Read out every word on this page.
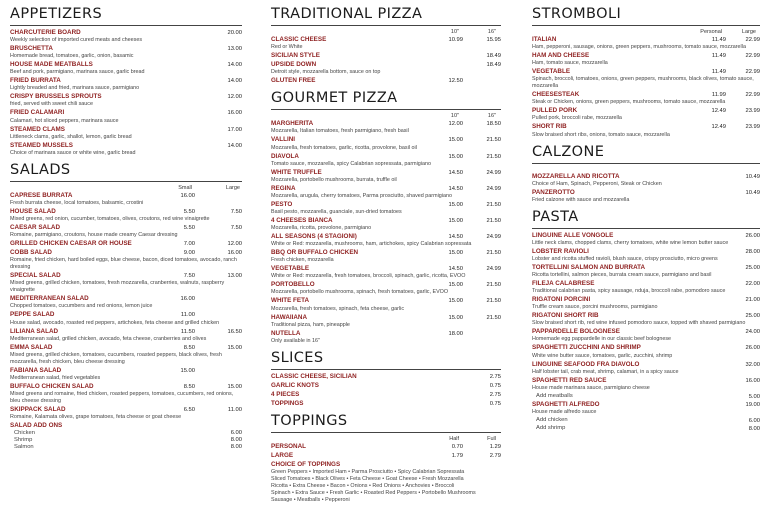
APPETIZERS
CHARCUTERIE BOARD	20.00
Weekly selection of imported cured meats and cheeses
BRUSCHETTA	13.00
Homemade bread, tomatoes, garlic, onion, basamic
HOUSE MADE MEATBALLS	14.00
Beef and pork, parmigiano, marinara sauce, garlic bread
FRIED BURRATA	14.00
Lightly breaded and fried, marinara sauce, parmigiano
CRISPY BRUSSELS SPROUTS	12.00
fried, served with sweet chili sauce
FRIED CALAMARI	16.00
Calamari, hot sliced peppers, marinara sauce
STEAMED CLAMS	17.00
Littleneck clams, garlic, shallot, lemon, garlic bread
STEAMED MUSSELS	14.00
Choice of marinara sauce or white wine, garlic bread
SALADS
Small	Large
CAPRESE BURRATA	16.00
Fresh burrata cheese, local tomatoes, balsamic, crostini
HOUSE SALAD	5.50	7.50
Mixed greens, red onion, cucumber, tomatoes, olives, croutons, red wine vinaigrette
CAESAR SALAD	5.50	7.50
Romaine, parmigiano, croutons, house made creamy Caesar dressing
GRILLED CHICKEN CAESAR OR HOUSE	7.00	12.00
COBB SALAD	9.00	16.00
Romaine, fried chicken, hard boiled eggs, blue cheese, bacon, diced tomatoes, avocado, ranch dressing
SPECIAL SALAD	7.50	13.00
Mixed greens, grilled chicken, tomatoes, fresh mozzarella, cranberries, walnuts, raspberry vinaigrette
MEDITERRANEAN SALAD	16.00
Chopped tomatoes, cucumbers and red onions, lemon juice
PEPPE SALAD	11.00
House salad, avocado, roasted red peppers, artichokes, feta cheese and grilled chicken
LILIANA SALAD	11.50	16.50
Mediterranean salad, grilled chicken, avocado, feta cheese, cranberries and olives
EMMA SALAD	8.50	15.00
Mixed greens, grilled chicken, tomatoes, cucumbers, roasted peppers, black olives, fresh mozzarella, fresh chicken, bleu cheese dressing
FABIANA SALAD	15.00
Mediterranean salad, fried vegetables
BUFFALO CHICKEN SALAD	8.50	15.00
Mixed greens and romaine, fried chicken, roasted peppers, tomatoes, cucumbers, red onions, bleu cheese dressing
SKIPPACK SALAD	6.50	11.00
Romaine, Kalamata olives, grape tomatoes, feta cheese or goat cheese
SALAD ADD ONS
Chicken	6.00
Shrimp	8.00
Salmon	8.00
TRADITIONAL PIZZA
10"	16"
CLASSIC CHEESE	10.99	15.95
Red or White
SICILIAN STYLE	18.49
UPSIDE DOWN	18.49
Detroit style, mozzarella bottom, sauce on top
GLUTEN FREE	12.50
GOURMET PIZZA
10"	16"
MARGHERITA	12.00	18.50
Mozzarella, Italian tomatoes, fresh parmigiano, fresh basil
VALLINI	15.00	21.50
Mozzarella, fresh tomatoes, garlic, ricotta, provolone, basil oil
DIAVOLA	15.00	21.50
Tomato sauce, mozzarella, spicy Calabrian sopressata, parmigiano
WHITE TRUFFLE	14.50	24.99
Mozzarella, portobello mushrooms, burrata, truffle oil
REGINA	14.50	24.99
Mozzarella, arugula, cherry tomatoes, Parma prosciutto, shaved parmigiano
PESTO	15.00	21.50
Basil pesto, mozzarella, guanciale, sun-dried tomatoes
4 CHEESES BIANCA	15.00	21.50
Mozzarella, ricotta, provolone, parmigiano
ALL SEASONS (4 STAGIONI)	14.50	24.99
White or Red: mozzarella, mushrooms, ham, artichokes, spicy Calabrian sopressata
BBQ OR BUFFALO CHICKEN	15.00	21.50
Fresh chicken, mozzarella
VEGETABLE	14.50	24.99
White or Red: mozzarella, fresh tomatoes, broccoli, spinach, garlic, ricotta, EVOO
PORTOBELLO	15.00	21.50
Mozzarella, portobello mushrooms, spinach, fresh tomatoes, garlic, EVOO
WHITE FETA	15.00	21.50
Mozzarella, fresh tomatoes, spinach, feta cheese, garlic
HAWAIIANA	15.00	21.50
Traditional pizza, ham, pineapple
NUTELLA	18.00
Only available in 16"
SLICES
CLASSIC CHEESE, SICILIAN	2.75
GARLIC KNOTS	0.75
4 PIECES	2.75
TOPPINGS	0.75
TOPPINGS
Half	Full
PERSONAL	0.70	1.29
LARGE	1.79	2.79
CHOICE OF TOPPINGS
Green Peppers • Imported Ham • Parma Prosciutto • Spicy Calabrian Sopressata
Sliced Tomatoes • Black Olives • Feta Cheese • Goat Cheese • Fresh Mozzarella
Ricotta • Extra Cheese • Bacon • Onions • Red Onions • Anchovies • Broccoli
Spinach • Extra Sauce • Fresh Garlic • Roasted Red Peppers • Portobello Mushrooms
Sausage • Meatballs • Pepperoni
STROMBOLI
Personal	Large
ITALIAN	11.49	22.99
Ham, pepperoni, sausage, onions, green peppers, mushrooms, tomato sauce, mozzarella
HAM AND CHEESE	11.49	22.99
Ham, tomato sauce, mozzarella
VEGETABLE	11.49	22.99
Spinach, broccoli, tomatoes, onions, green peppers, mushrooms, black olives, tomato sauce, mozzarella
CHEESESTEAK	11.99	22.99
Steak or Chicken, onions, green peppers, mushrooms, tomato sauce, mozzarella
PULLED PORK	12.49	23.99
Pulled pork, broccoli rabe, mozzarella
SHORT RIB	12.49	23.99
Slow braised short ribs, onions, tomato sauce, mozzarella
CALZONE
MOZZARELLA AND RICOTTA	10.49
Choice of Ham, Spinach, Pepperoni, Steak or Chicken
PANZEROTTO	10.49
Fried calzone with sauce and mozzarella
PASTA
LINGUINE ALLE VONGOLE	26.00
Little neck clams, chopped clams, cherry tomatoes, white wine lemon butter sauce
LOBSTER RAVIOLI	28.00
Lobster and ricotta stuffed ravioli, blush sauce, crispy prosciutto, micro greens
TORTELLINI SALMON AND BURRATA	25.00
Ricotta tortellini, salmon pieces, burrata cream sauce, parmigiano and basil
FILEJA CALABRESE	22.00
Traditional calabrian pasta, spicy sausage, nduja, broccoli rabe, pomodoro sauce
RIGATONI PORCINI	21.00
Truffle cream sauce, porcini mushrooms, parmigiano
RIGATONI SHORT RIB	25.00
Slow braised short rib, red wine infused pomodoro sauce, topped with shaved parmigiano
PAPPARDELLE BOLOGNESE	24.00
Homemade egg pappardelle in our classic beef bolognese
SPAGHETTI ZUCCHINI AND SHRIMP	26.00
White wine butter sauce, tomatoes, garlic, zucchini, shrimp
LINGUINE SEAFOOD FRA DIAVOLO	32.00
Half lobster tail, crab meat, shrimp, calamari, in a spicy sauce
SPAGHETTI RED SAUCE	16.00
House made marinara sauce, parmigiano cheese
Add meatballs	5.00
SPAGHETTI ALFREDO	19.00
House made alfredo sauce
Add chicken	6.00
Add shrimp	8.00
